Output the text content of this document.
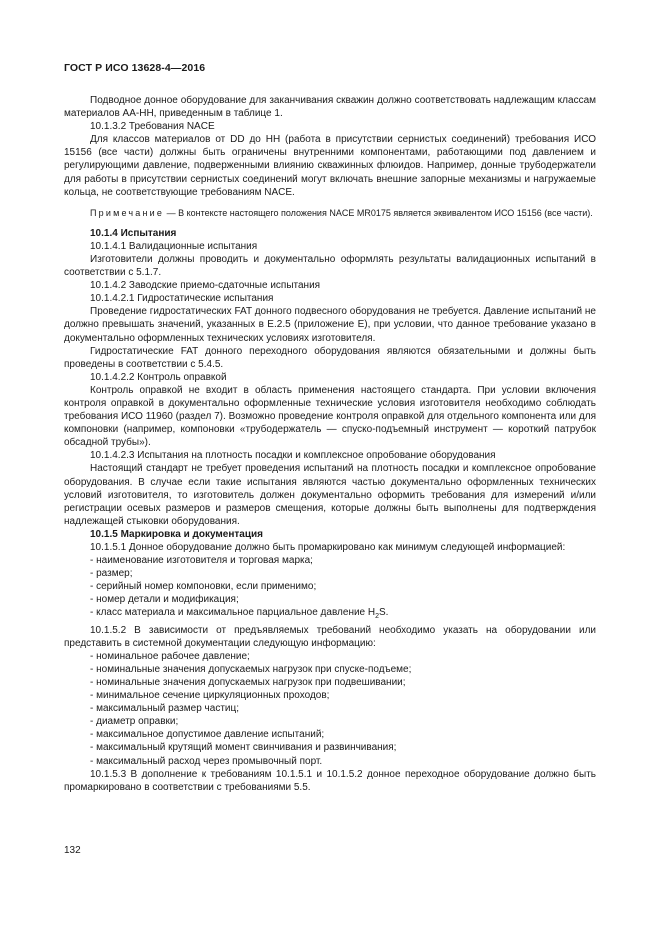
ГОСТ Р ИСО 13628-4—2016

Подводное донное оборудование для заканчивания скважин должно соответствовать надлежащим классам материалов AA-HH, приведенным в таблице 1.

10.1.3.2 Требования NACE

Для классов материалов от DD до HH (работа в присутствии сернистых соединений) требования ИСО 15156 (все части) должны быть ограничены внутренними компонентами, работающими под давлением и регулирующими давление, подверженными влиянию скважинных флюидов. Например, донные трубодержатели для работы в присутствии сернистых соединений могут включать внешние запорные механизмы и нагружаемые кольца, не соответствующие требованиям NACE.

Примечание — В контексте настоящего положения NACE MR0175 является эквивалентом ИСО 15156 (все части).

10.1.4 Испытания

10.1.4.1 Валидационные испытания

Изготовители должны проводить и документально оформлять результаты валидационных испытаний в соответствии с 5.1.7.

10.1.4.2 Заводские приемо-сдаточные испытания

10.1.4.2.1 Гидростатические испытания

Проведение гидростатических FAT донного подвесного оборудования не требуется. Давление испытаний не должно превышать значений, указанных в Е.2.5 (приложение Е), при условии, что данное требование указано в документально оформленных технических условиях изготовителя.

Гидростатические FAT донного переходного оборудования являются обязательными и должны быть проведены в соответствии с 5.4.5.

10.1.4.2.2 Контроль оправкой

Контроль оправкой не входит в область применения настоящего стандарта. При условии включения контроля оправкой в документально оформленные технические условия изготовителя необходимо соблюдать требования ИСО 11960 (раздел 7). Возможно проведение контроля оправкой для отдельного компонента или для компоновки (например, компоновки «трубодержатель — спуско-подъемный инструмент — короткий патрубок обсадной трубы»).

10.1.4.2.3 Испытания на плотность посадки и комплексное опробование оборудования

Настоящий стандарт не требует проведения испытаний на плотность посадки и комплексное опробование оборудования. В случае если такие испытания являются частью документально оформленных технических условий изготовителя, то изготовитель должен документально оформить требования для измерений и/или регистрации осевых размеров и размеров смещения, которые должны быть выполнены для подтверждения надлежащей стыковки оборудования.

10.1.5 Маркировка и документация

10.1.5.1 Донное оборудование должно быть промаркировано как минимум следующей информацией:

- наименование изготовителя и торговая марка;

- размер;

- серийный номер компоновки, если применимо;

- номер детали и модификация;

- класс материала и максимальное парциальное давление $H_2S$.

10.1.5.2 В зависимости от предъявляемых требований необходимо указать на оборудовании или представить в системной документации следующую информацию:

- номинальное рабочее давление;

- номинальные значения допускаемых нагрузок при спуске-подъеме;

- номинальные значения допускаемых нагрузок при подвешивании;

- минимальное сечение циркуляционных проходов;

- максимальный размер частиц;

- диаметр оправки;

- максимальное допустимое давление испытаний;

- максимальный крутящий момент свинчивания и развинчивания;

- максимальный расход через промывочный порт.

10.1.5.3 В дополнение к требованиям 10.1.5.1 и 10.1.5.2 донное переходное оборудование должно быть промаркировано в соответствии с требованиями 5.5.

132
